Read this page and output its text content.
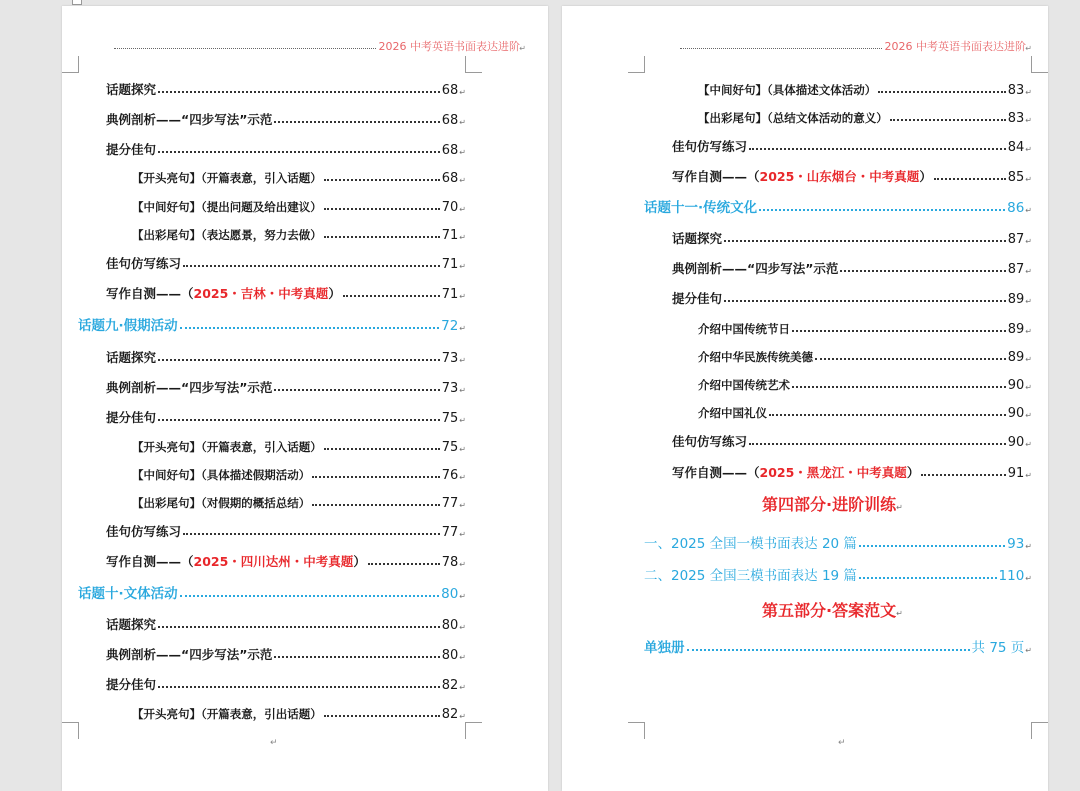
2026 中考英语书面表达进阶 ↵
↵
话题探究	68 ↵
典例剖析——“四步写法”示范	68 ↵
提分佳句	68 ↵
【开头亮句】（开篇表意，引入话题）	68 ↵
【中间好句】（提出问题及给出建议）	70 ↵
【出彩尾句】（表达愿景，努力去做）	71 ↵
佳句仿写练习	71 ↵
写作自测——（2025・吉林・中考真题）	71 ↵
话题九·假期活动	72 ↵
话题探究	73 ↵
典例剖析——“四步写法”示范	73 ↵
提分佳句	75 ↵
【开头亮句】（开篇表意，引入话题）	75 ↵
【中间好句】（具体描述假期活动）	76 ↵
【出彩尾句】（对假期的概括总结）	77 ↵
佳句仿写练习	77 ↵
写作自测——（2025・四川达州・中考真题）	78 ↵
话题十·文体活动	80 ↵
话题探究	80 ↵
典例剖析——“四步写法”示范	80 ↵
提分佳句	82 ↵
【开头亮句】（开篇表意，引出话题）	82 ↵
2026 中考英语书面表达进阶 ↵
↵
【中间好句】（具体描述文体活动）	83 ↵
【出彩尾句】（总结文体活动的意义）	83 ↵
佳句仿写练习	84 ↵
写作自测——（2025・山东烟台・中考真题）	85 ↵
话题十一·传统文化	86 ↵
话题探究	87 ↵
典例剖析——“四步写法”示范	87 ↵
提分佳句	89 ↵
介绍中国传统节日	89 ↵
介绍中华民族传统美德	89 ↵
介绍中国传统艺术	90 ↵
介绍中国礼仪	90 ↵
佳句仿写练习	90 ↵
写作自测——（2025・黑龙江・中考真题）	91 ↵
第四部分·进阶训练↵
一、2025 全国一模书面表达 20 篇	93 ↵
二、2025 全国三模书面表达 19 篇	110 ↵
第五部分·答案范文↵
单独册	共 75 页 ↵
